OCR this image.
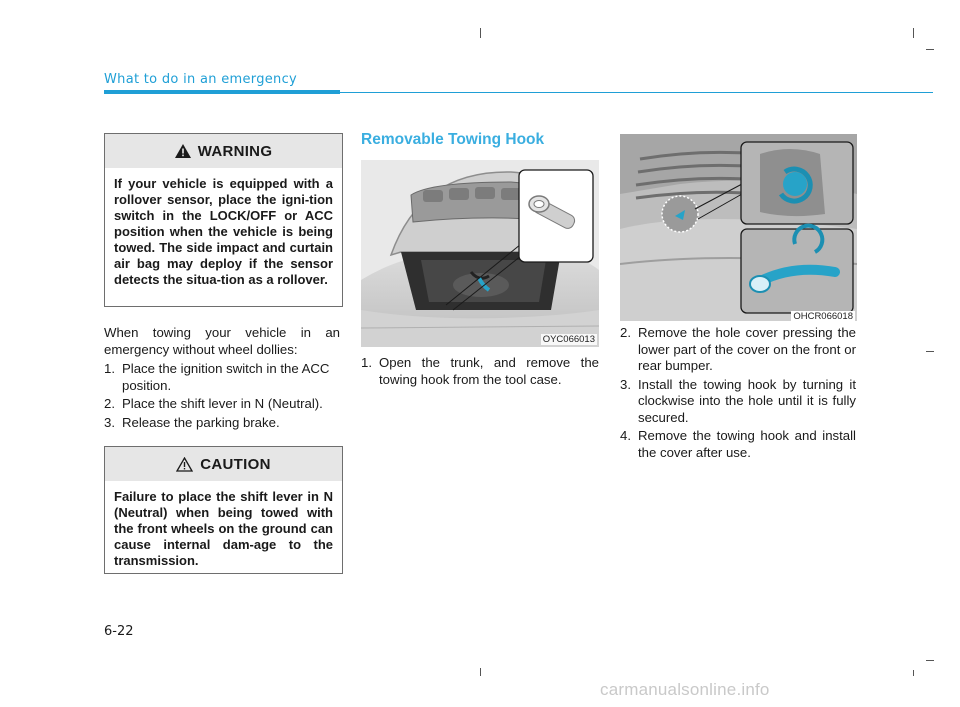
What to do in an emergency
WARNING
If your vehicle is equipped with a rollover sensor, place the igni-tion switch in the LOCK/OFF or ACC position when the vehicle is being towed. The side impact and curtain air bag may deploy if the sensor detects the situa-tion as a rollover.

When towing your vehicle in an emergency without wheel dollies:

1. Place the ignition switch in the ACC position.
2. Place the shift lever in N (Neutral).
3. Release the parking brake.
CAUTION
Failure to place the shift lever in N (Neutral) when being towed with the front wheels on the ground can cause internal dam-age to the transmission.
Removable Towing Hook
OYC066013
1. Open the trunk, and remove the towing hook from the tool case.
OHCR066018
2. Remove the hole cover pressing the lower part of the cover on the front or rear bumper.
3. Install the towing hook by turning it clockwise into the hole until it is fully secured.
4. Remove the towing hook and install the cover after use.
6-22
carmanualsonline.info
